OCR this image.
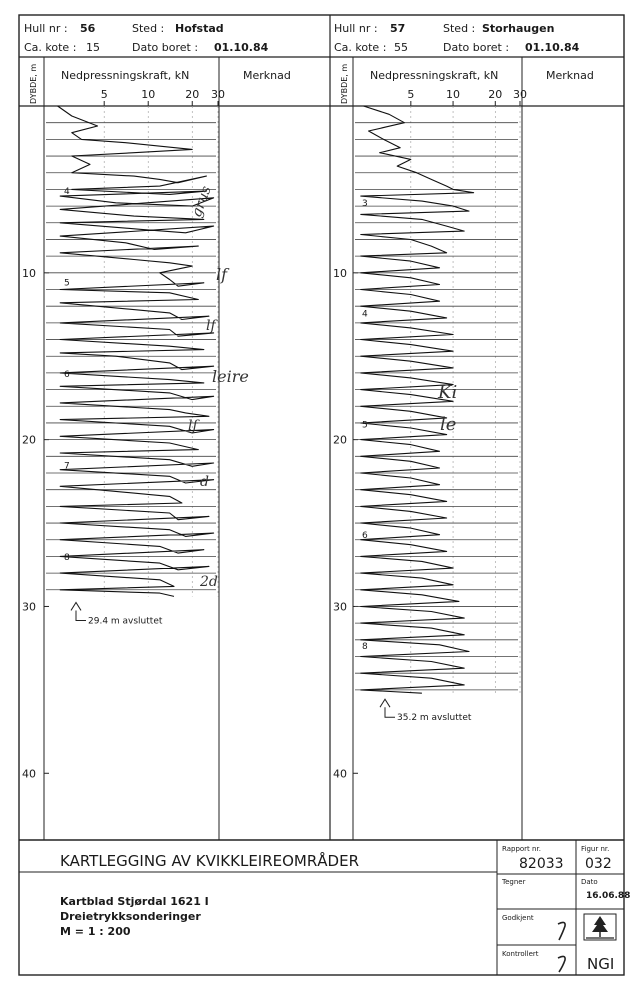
Hull nr : 56	Sted : Hofstad
Ca. kote : 15	Dato boret : 01.10.84
DYBDE, m Nedpressningskraft, kN	Merknad
5	10	20 30
Hull nr : 57	Sted : Storhaugen
Ca. kote : 55	Dato boret : 01.10.84
DYBDE, m Nedpressningskraft, kN	Merknad
5	10	20 30
10
20
30
40
4
5
6
7
8
10
20
30
40
3
4
5
6
8
29.4 m avsluttet
35.2 m avsluttet
grus
lf
lf
leire
lf
d
2d
Ki
le
KARTLEGGING AV KVIKKLEIREOMRÅDER
Kartblad Stjørdal 1621 I
Dreietrykksonderinger
M = 1 : 200
Rapport nr.
82033
Figur nr.
032
Tegner	Dato
16.06.88
Godkjent
Kontrollert
NGI
